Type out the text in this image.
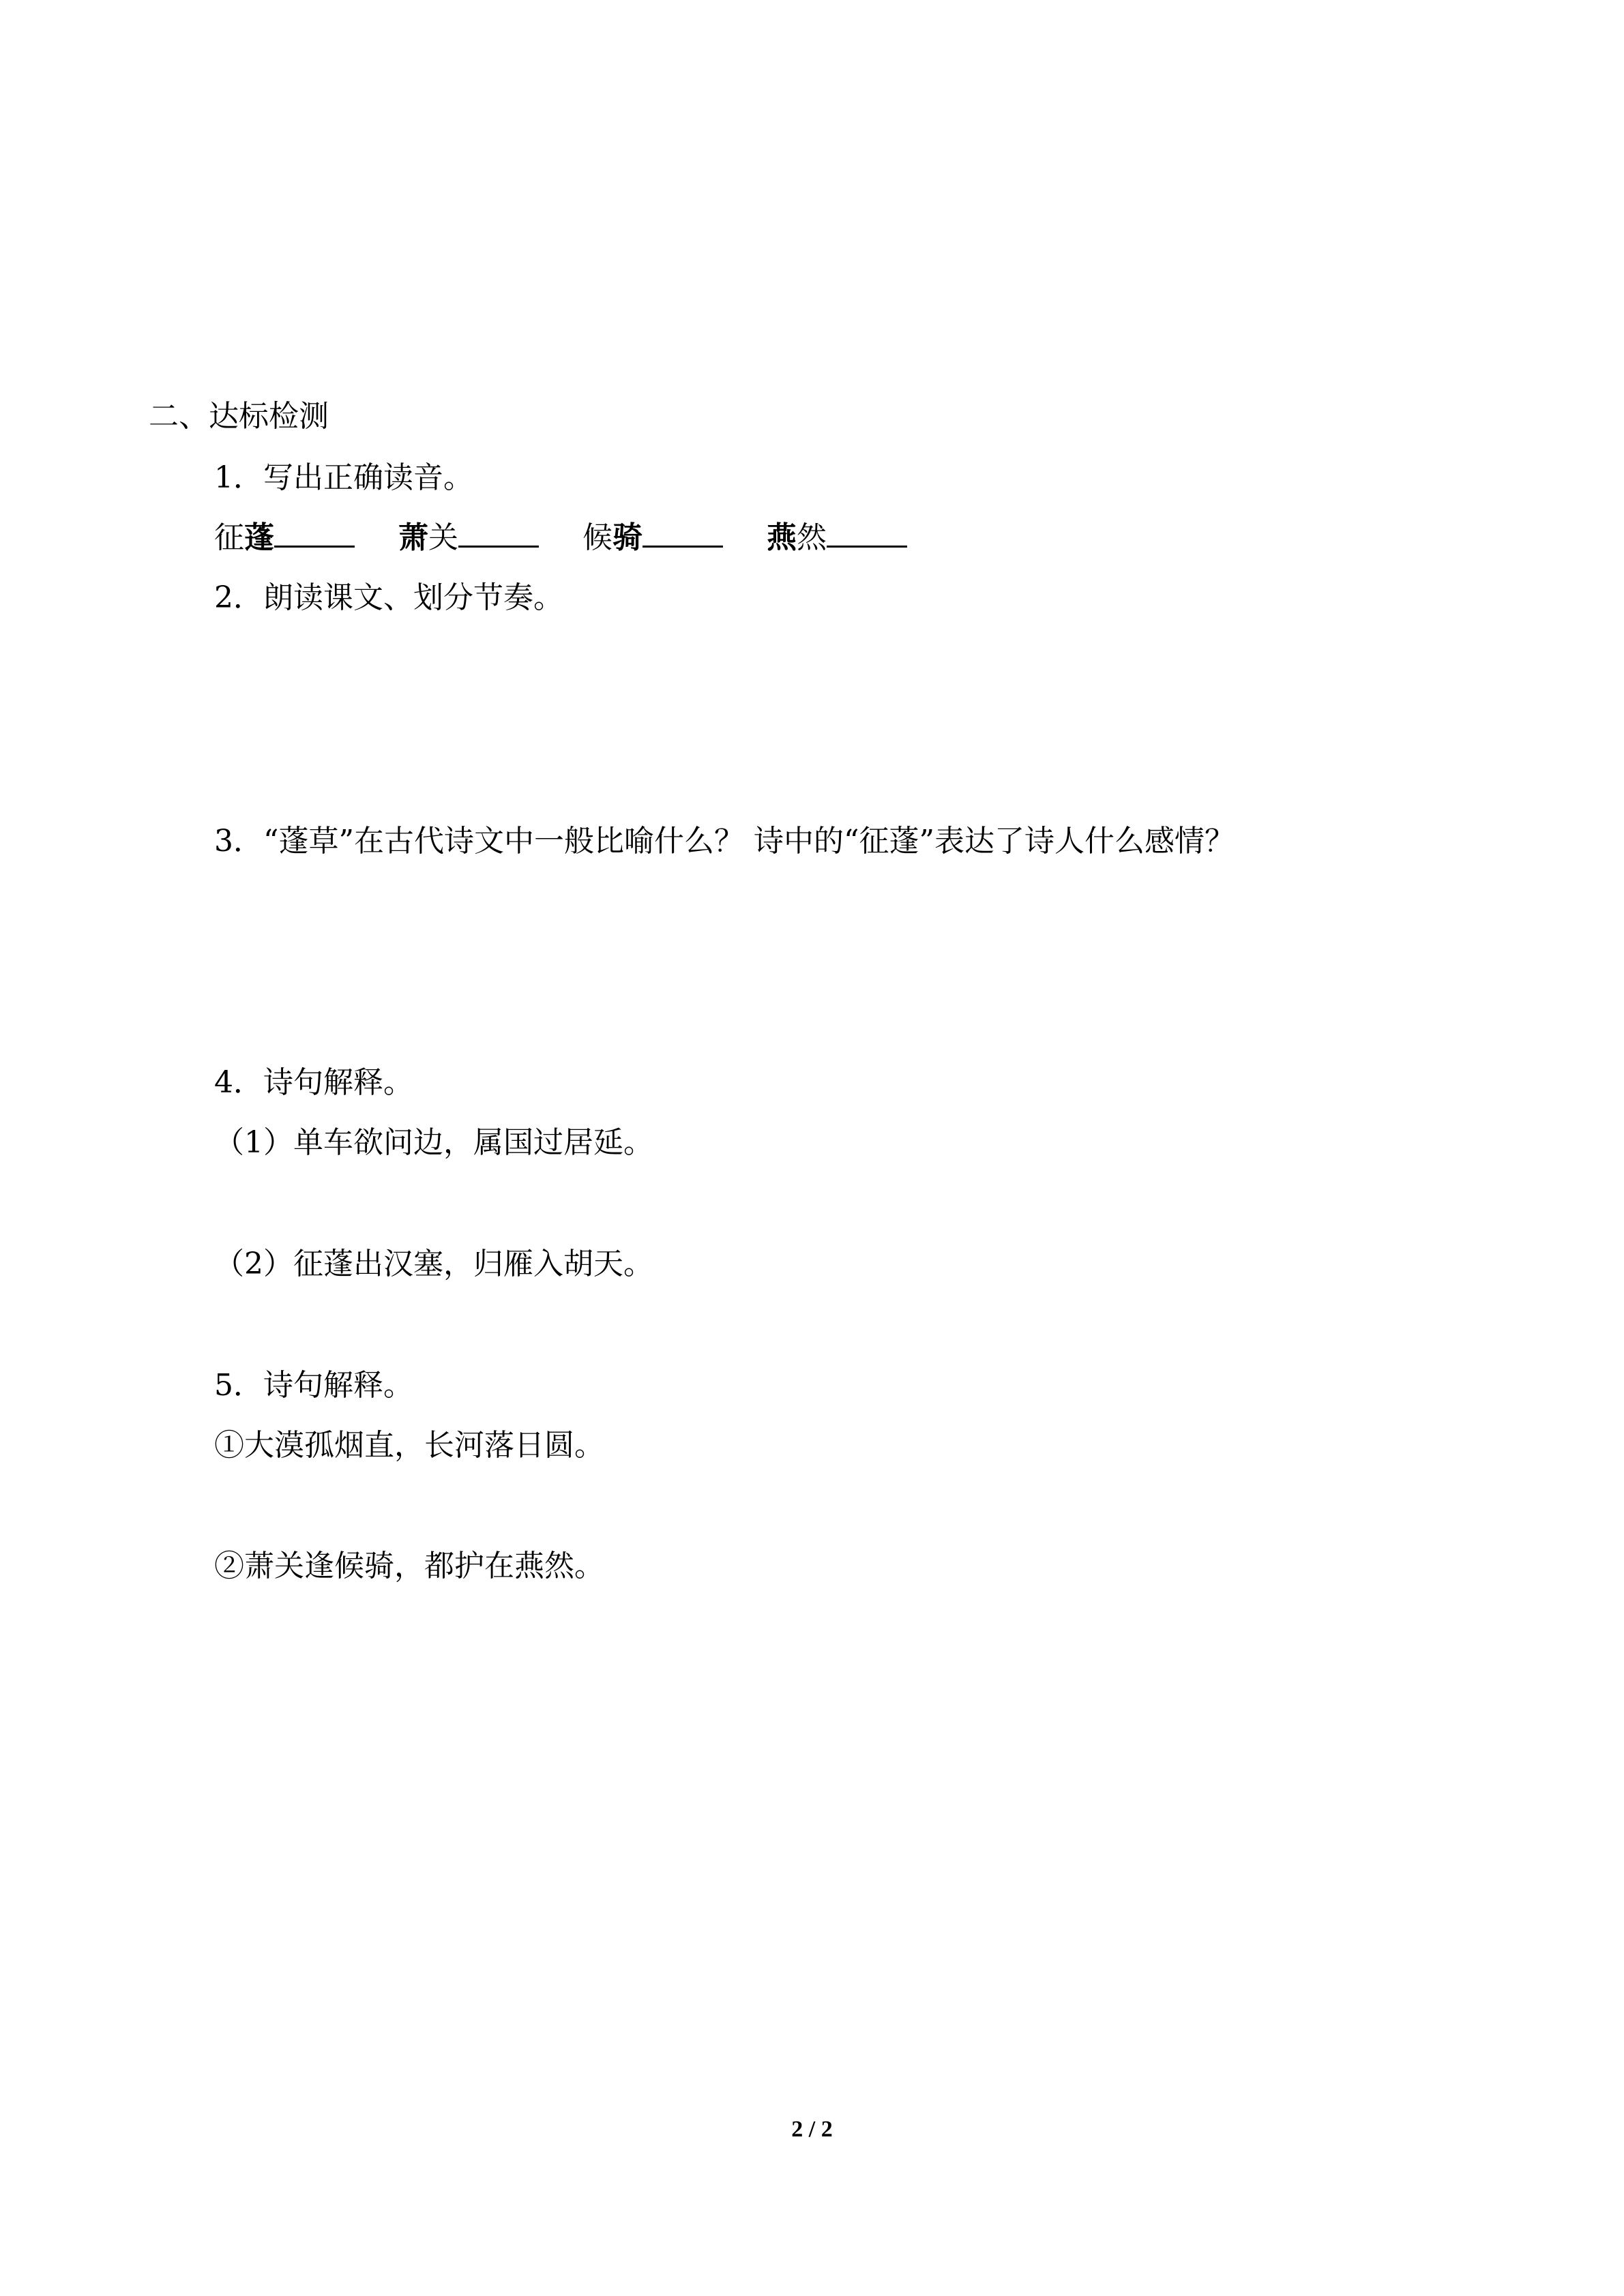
二、达标检测
1．写出正确读音。
征蓬	萧关	候骑	燕然
2．朗读课文、划分节奏。
3．“蓬草”在古代诗文中一般比喻什么？ 诗中的“征蓬”表达了诗人什么感情？
4．诗句解释。
（1）单车欲问边，属国过居延。
（2）征蓬出汉塞，归雁入胡天。
5．诗句解释。
①大漠孤烟直，长河落日圆。
②萧关逢候骑，都护在燕然。
2 / 2
